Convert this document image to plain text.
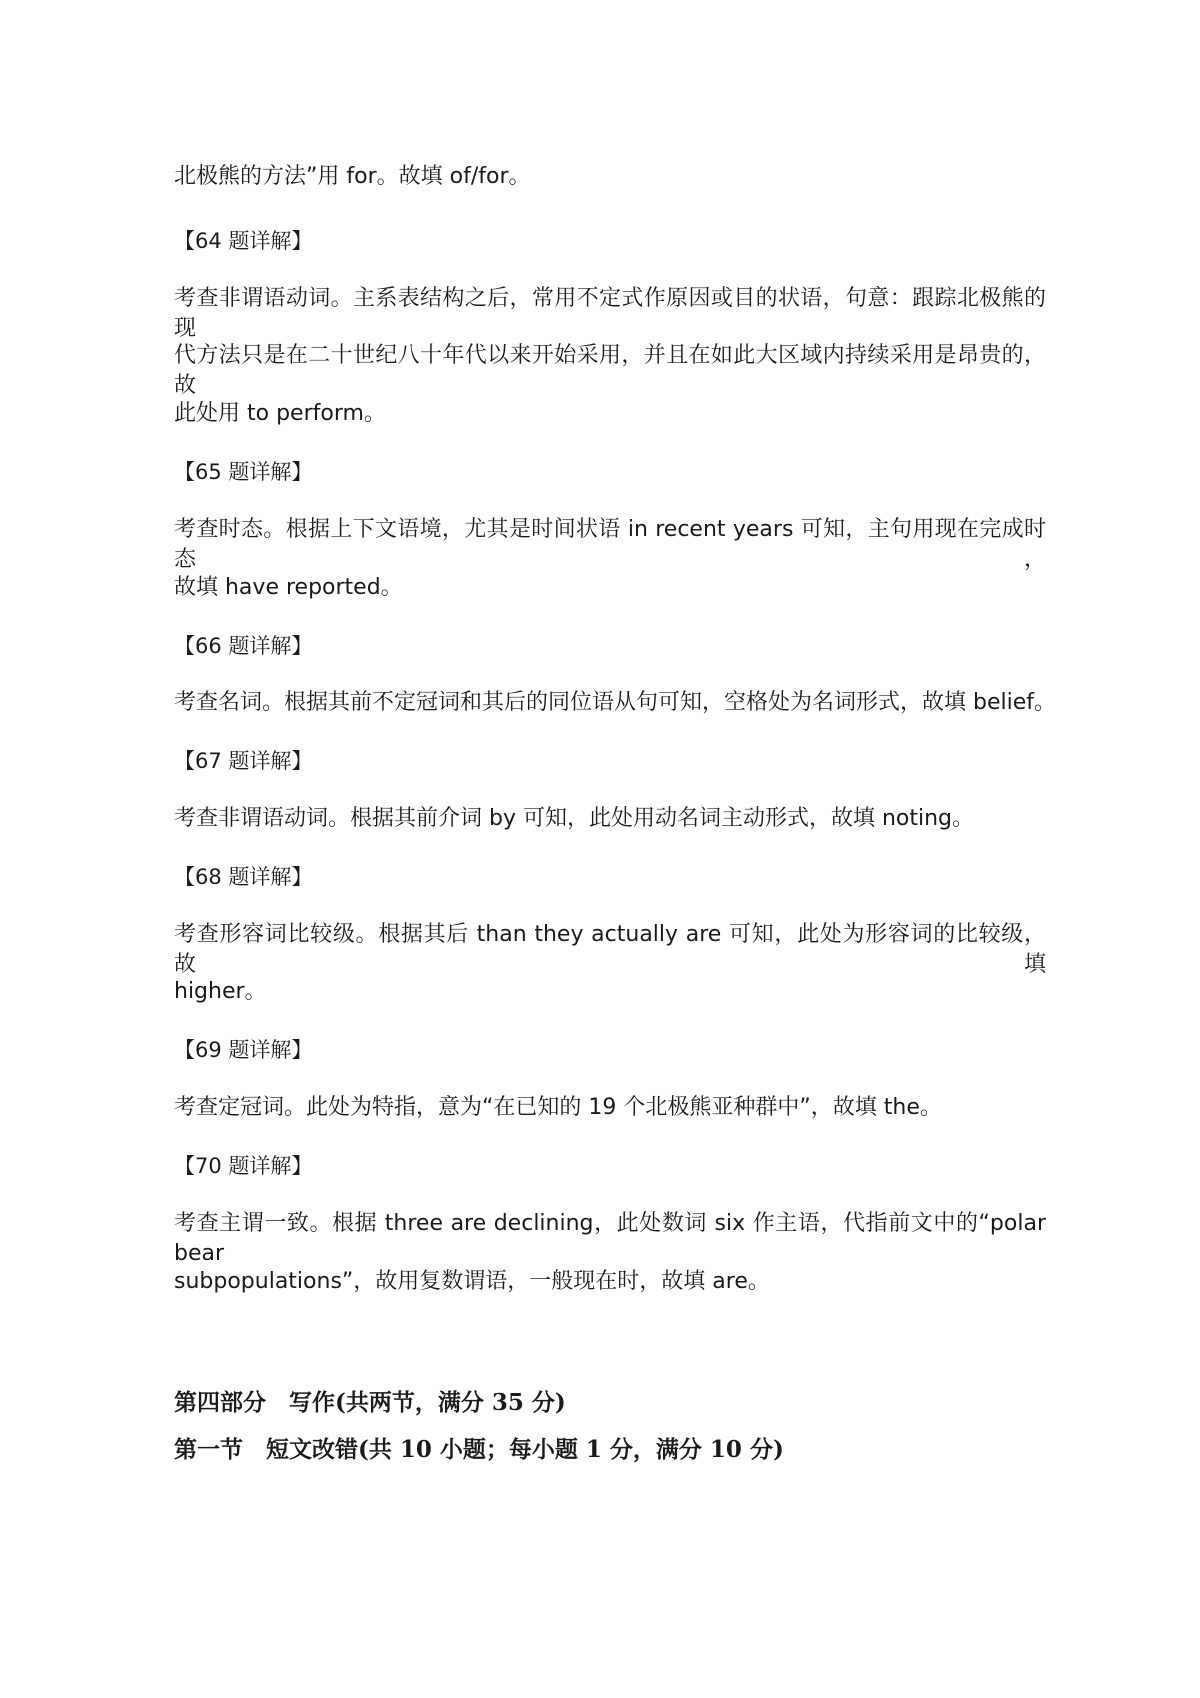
北极熊的方法”用 for。故填 of/for。
【64 题详解】
考查非谓语动词。主系表结构之后，常用不定式作原因或目的状语，句意：跟踪北极熊的现
代方法只是在二十世纪八十年代以来开始采用，并且在如此大区域内持续采用是昂贵的，故
此处用 to perform。
【65 题详解】
考查时态。根据上下文语境，尤其是时间状语 in recent years 可知，主句用现在完成时态，
故填 have reported。
【66 题详解】
考查名词。根据其前不定冠词和其后的同位语从句可知，空格处为名词形式，故填 belief。
【67 题详解】
考查非谓语动词。根据其前介词 by 可知，此处用动名词主动形式，故填 noting。
【68 题详解】
考查形容词比较级。根据其后 than they actually are 可知，此处为形容词的比较级，故填
higher。
【69 题详解】
考查定冠词。此处为特指，意为“在已知的 19 个北极熊亚种群中”，故填 the。
【70 题详解】
考查主谓一致。根据 three are declining，此处数词 six 作主语，代指前文中的“polar bear
subpopulations”，故用复数谓语，一般现在时，故填 are。
第四部分　写作(共两节，满分 35 分)
第一节　短文改错(共 10 小题；每小题 1 分，满分 10 分)
